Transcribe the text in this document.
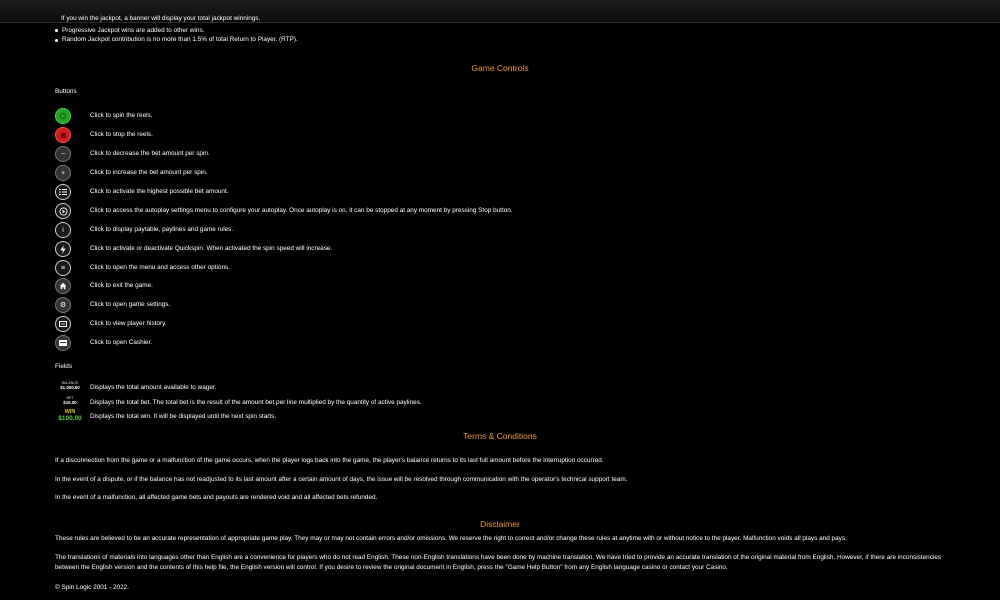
If you win the jackpot, a banner will display your total jackpot winnings.
Progressive Jackpot wins are added to other wins.
Random Jackpot contribution is no more than 1.5% of total Return to Player. (RTP).
Game Controls
Buttons
Click to spin the reels.
Click to stop the reels.
−	Click to decrease the bet amount per spin.
+	Click to increase the bet amount per spin.
Click to activate the highest possible bet amount.
Click to access the autoplay settings menu to configure your autoplay. Once autoplay is on, it can be stopped at any moment by pressing Stop button.
i	Click to display paytable, paylines and game rules.
Click to activate or deactivate Quickspin. When activated the spin speed will increase.
≡	Click to open the menu and access other options.
Click to exit the game.
⚙	Click to open game settings.
Click to view player history.
Click to open Cashier.
Fields
BALANCE
$1,000.00	Displays the total amount available to wager.
BET
$10.00	Displays the total bet. The total bet is the result of the amount bet per line multiplied by the quantity of active paylines.
WIN
$100.00	Displays the total win. It will be displayed until the next spin starts.
Terms & Conditions
If a disconnection from the game or a malfunction of the game occurs, when the player logs back into the game, the player's balance returns to its last full amount before the interruption occurred.
In the event of a dispute, or if the balance has not readjusted to its last amount after a certain amount of days, the issue will be resolved through communication with the operator's technical support team.
In the event of a malfunction, all affected game bets and payouts are rendered void and all affected bets refunded.
Disclaimer
These rules are believed to be an accurate representation of appropriate game play. They may or may not contain errors and/or omissions. We reserve the right to correct and/or change these rules at anytime with or without notice to the player. Malfunction voids all plays and pays.
The translations of materials into languages other than English are a convenience for players who do not read English. These non-English translations have been done by machine translation. We have tried to provide an accurate translation of the original material from English. However, if there are inconsistencies between the English version and the contents of this help file, the English version will control. If you desire to review the original document in English, press the "Game Help Button" from any English language casino or contact your Casino.
© Spin Logic 2001 - 2022.
